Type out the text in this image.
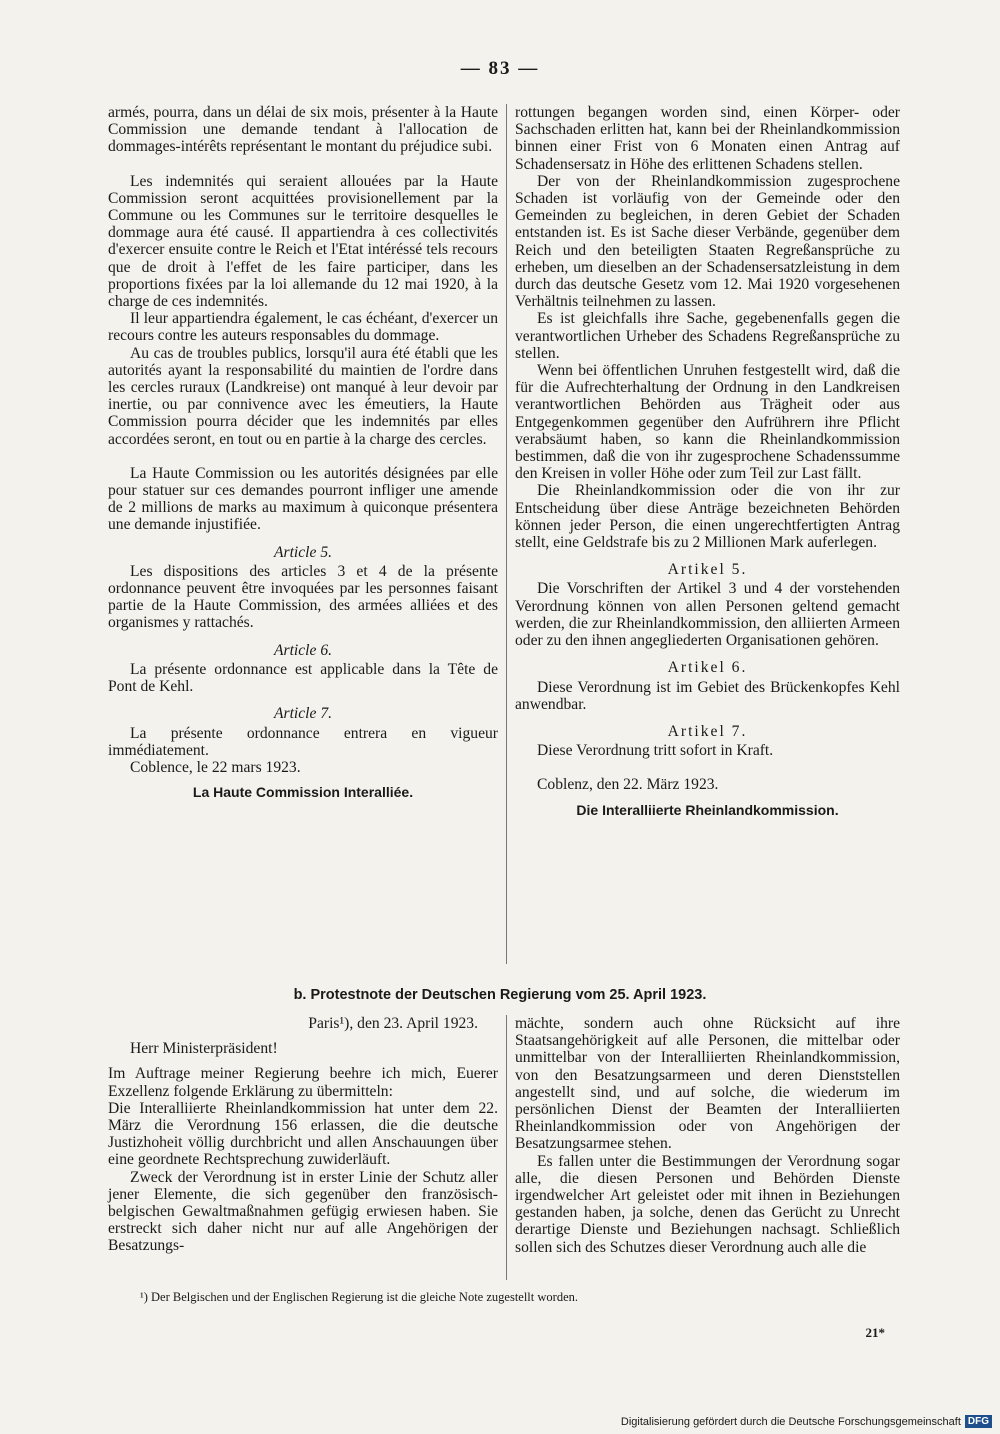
— 83 —

armés, pourra, dans un délai de six mois, présenter à la Haute Commission une demande tendant à l'allocation de dommages-intérêts représentant le montant du préjudice subi.

Les indemnités qui seraient allouées par la Haute Commission seront acquittées provisionellement par la Commune ou les Communes sur le territoire desquelles le dommage aura été causé. Il appartiendra à ces collectivités d'exercer ensuite contre le Reich et l'Etat intéréssé tels recours que de droit à l'effet de les faire participer, dans les proportions fixées par la loi allemande du 12 mai 1920, à la charge de ces indemnités.

Il leur appartiendra également, le cas échéant, d'exercer un recours contre les auteurs responsables du dommage.

Au cas de troubles publics, lorsqu'il aura été établi que les autorités ayant la responsabilité du maintien de l'ordre dans les cercles ruraux (Landkreise) ont manqué à leur devoir par inertie, ou par connivence avec les émeutiers, la Haute Commission pourra décider que les indemnités par elles accordées seront, en tout ou en partie à la charge des cercles.

La Haute Commission ou les autorités désignées par elle pour statuer sur ces demandes pourront infliger une amende de 2 millions de marks au maximum à quiconque présentera une demande injustifiée.

Article 5.

Les dispositions des articles 3 et 4 de la présente ordonnance peuvent être invoquées par les personnes faisant partie de la Haute Commission, des armées alliées et des organismes y rattachés.

Article 6.

La présente ordonnance est applicable dans la Tête de Pont de Kehl.

Article 7.

La présente ordonnance entrera en vigueur immédiatement.

Coblence, le 22 mars 1923.

La Haute Commission Interalliée.

rottungen begangen worden sind, einen Körper- oder Sachschaden erlitten hat, kann bei der Rheinlandkommission binnen einer Frist von 6 Monaten einen Antrag auf Schadensersatz in Höhe des erlittenen Schadens stellen.

Der von der Rheinlandkommission zugesprochene Schaden ist vorläufig von der Gemeinde oder den Gemeinden zu begleichen, in deren Gebiet der Schaden entstanden ist. Es ist Sache dieser Verbände, gegenüber dem Reich und den beteiligten Staaten Regreßansprüche zu erheben, um dieselben an der Schadensersatzleistung in dem durch das deutsche Gesetz vom 12. Mai 1920 vorgesehenen Verhältnis teilnehmen zu lassen.

Es ist gleichfalls ihre Sache, gegebenenfalls gegen die verantwortlichen Urheber des Schadens Regreßansprüche zu stellen.

Wenn bei öffentlichen Unruhen festgestellt wird, daß die für die Aufrechterhaltung der Ordnung in den Landkreisen verantwortlichen Behörden aus Trägheit oder aus Entgegenkommen gegenüber den Aufrührern ihre Pflicht verabsäumt haben, so kann die Rheinlandkommission bestimmen, daß die von ihr zugesprochene Schadenssumme den Kreisen in voller Höhe oder zum Teil zur Last fällt.

Die Rheinlandkommission oder die von ihr zur Entscheidung über diese Anträge bezeichneten Behörden können jeder Person, die einen ungerechtfertigten Antrag stellt, eine Geldstrafe bis zu 2 Millionen Mark auferlegen.

Artikel 5.

Die Vorschriften der Artikel 3 und 4 der vorstehenden Verordnung können von allen Personen geltend gemacht werden, die zur Rheinlandkommission, den alliierten Armeen oder zu den ihnen angegliederten Organisationen gehören.

Artikel 6.

Diese Verordnung ist im Gebiet des Brückenkopfes Kehl anwendbar.

Artikel 7.

Diese Verordnung tritt sofort in Kraft.

Coblenz, den 22. März 1923.

Die Interalliierte Rheinlandkommission.

b. Protestnote der Deutschen Regierung vom 25. April 1923.

Paris¹), den 23. April 1923.

Herr Ministerpräsident!

Im Auftrage meiner Regierung beehre ich mich, Euerer Exzellenz folgende Erklärung zu übermitteln:

Die Interalliierte Rheinlandkommission hat unter dem 22. März die Verordnung 156 erlassen, die die deutsche Justizhoheit völlig durchbricht und allen Anschauungen über eine geordnete Rechtsprechung zuwiderläuft.

Zweck der Verordnung ist in erster Linie der Schutz aller jener Elemente, die sich gegenüber den französisch-belgischen Gewaltmaßnahmen gefügig erwiesen haben. Sie erstreckt sich daher nicht nur auf alle Angehörigen der Besatzungs-

mächte, sondern auch ohne Rücksicht auf ihre Staatsangehörigkeit auf alle Personen, die mittelbar oder unmittelbar von der Interalliierten Rheinlandkommission, von den Besatzungsarmeen und deren Dienststellen angestellt sind, und auf solche, die wiederum im persönlichen Dienst der Beamten der Interalliierten Rheinlandkommission oder von Angehörigen der Besatzungsarmee stehen.

Es fallen unter die Bestimmungen der Verordnung sogar alle, die diesen Personen und Behörden Dienste irgendwelcher Art geleistet oder mit ihnen in Beziehungen gestanden haben, ja solche, denen das Gerücht zu Unrecht derartige Dienste und Beziehungen nachsagt. Schließlich sollen sich des Schutzes dieser Verordnung auch alle die

¹) Der Belgischen und der Englischen Regierung ist die gleiche Note zugestellt worden.
21*
Digitalisierung gefördert durch die Deutsche Forschungsgemeinschaft DFG
